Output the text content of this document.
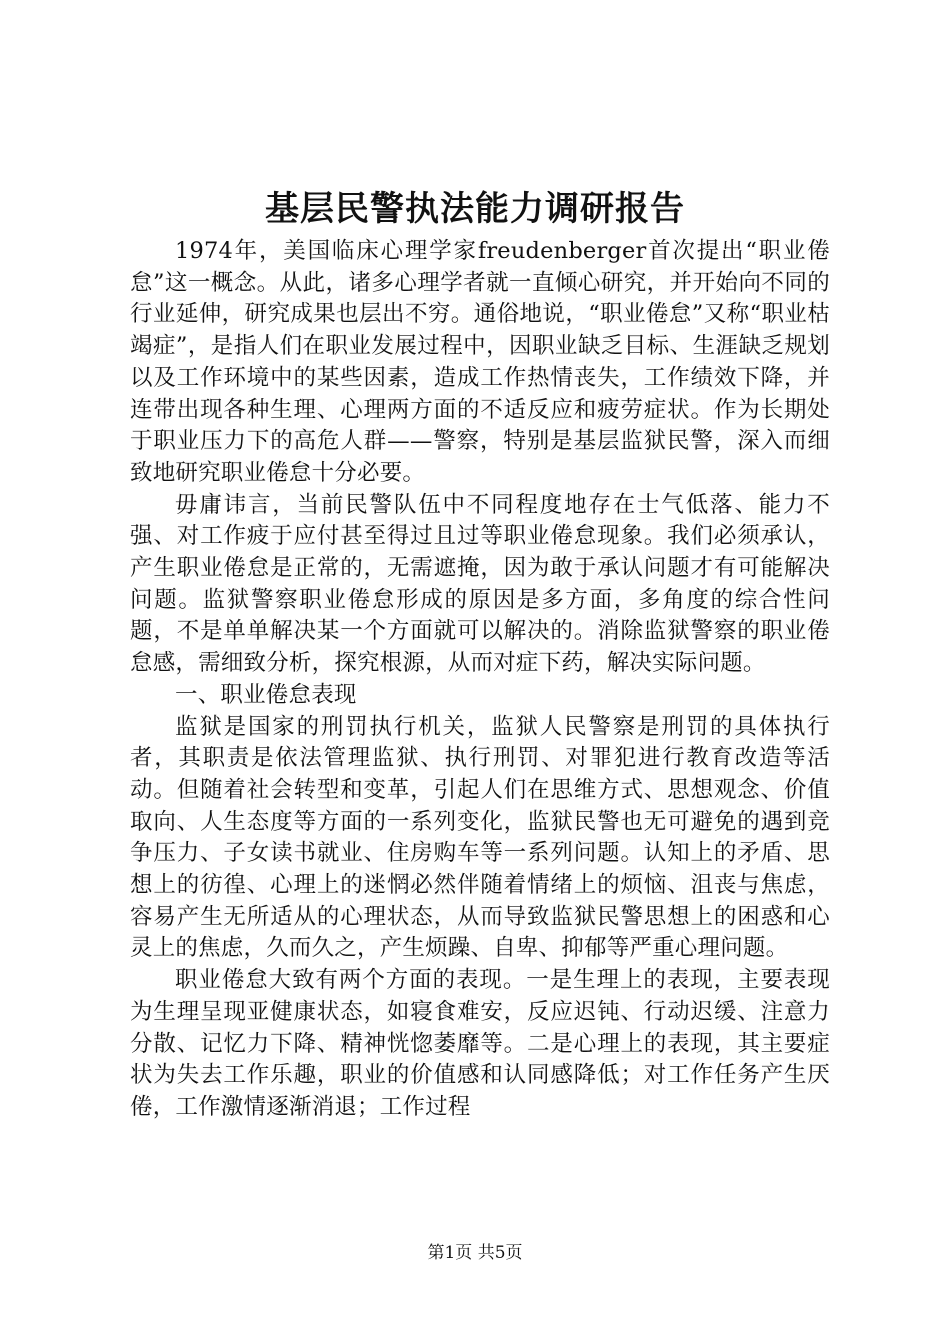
基层民警执法能力调研报告

1974年，美国临床心理学家freudenberger首次提出“职业倦怠”这一概念。从此，诸多心理学者就一直倾心研究，并开始向不同的行业延伸，研究成果也层出不穷。通俗地说，“职业倦怠”又称“职业枯竭症”，是指人们在职业发展过程中，因职业缺乏目标、生涯缺乏规划以及工作环境中的某些因素，造成工作热情丧失，工作绩效下降，并连带出现各种生理、心理两方面的不适反应和疲劳症状。作为长期处于职业压力下的高危人群——警察，特别是基层监狱民警，深入而细致地研究职业倦怠十分必要。

毋庸讳言，当前民警队伍中不同程度地存在士气低落、能力不强、对工作疲于应付甚至得过且过等职业倦怠现象。我们必须承认，产生职业倦怠是正常的，无需遮掩，因为敢于承认问题才有可能解决问题。监狱警察职业倦怠形成的原因是多方面，多角度的综合性问题，不是单单解决某一个方面就可以解决的。消除监狱警察的职业倦怠感，需细致分析，探究根源，从而对症下药，解决实际问题。

一、职业倦怠表现

监狱是国家的刑罚执行机关，监狱人民警察是刑罚的具体执行者，其职责是依法管理监狱、执行刑罚、对罪犯进行教育改造等活动。但随着社会转型和变革，引起人们在思维方式、思想观念、价值取向、人生态度等方面的一系列变化，监狱民警也无可避免的遇到竞争压力、子女读书就业、住房购车等一系列问题。认知上的矛盾、思想上的彷徨、心理上的迷惘必然伴随着情绪上的烦恼、沮丧与焦虑，容易产生无所适从的心理状态，从而导致监狱民警思想上的困惑和心灵上的焦虑，久而久之，产生烦躁、自卑、抑郁等严重心理问题。

职业倦怠大致有两个方面的表现。一是生理上的表现，主要表现为生理呈现亚健康状态，如寝食难安，反应迟钝、行动迟缓、注意力分散、记忆力下降、精神恍惚萎靡等。二是心理上的表现，其主要症状为失去工作乐趣，职业的价值感和认同感降低；对工作任务产生厌倦，工作激情逐渐消退；工作过程

第1页 共5页
